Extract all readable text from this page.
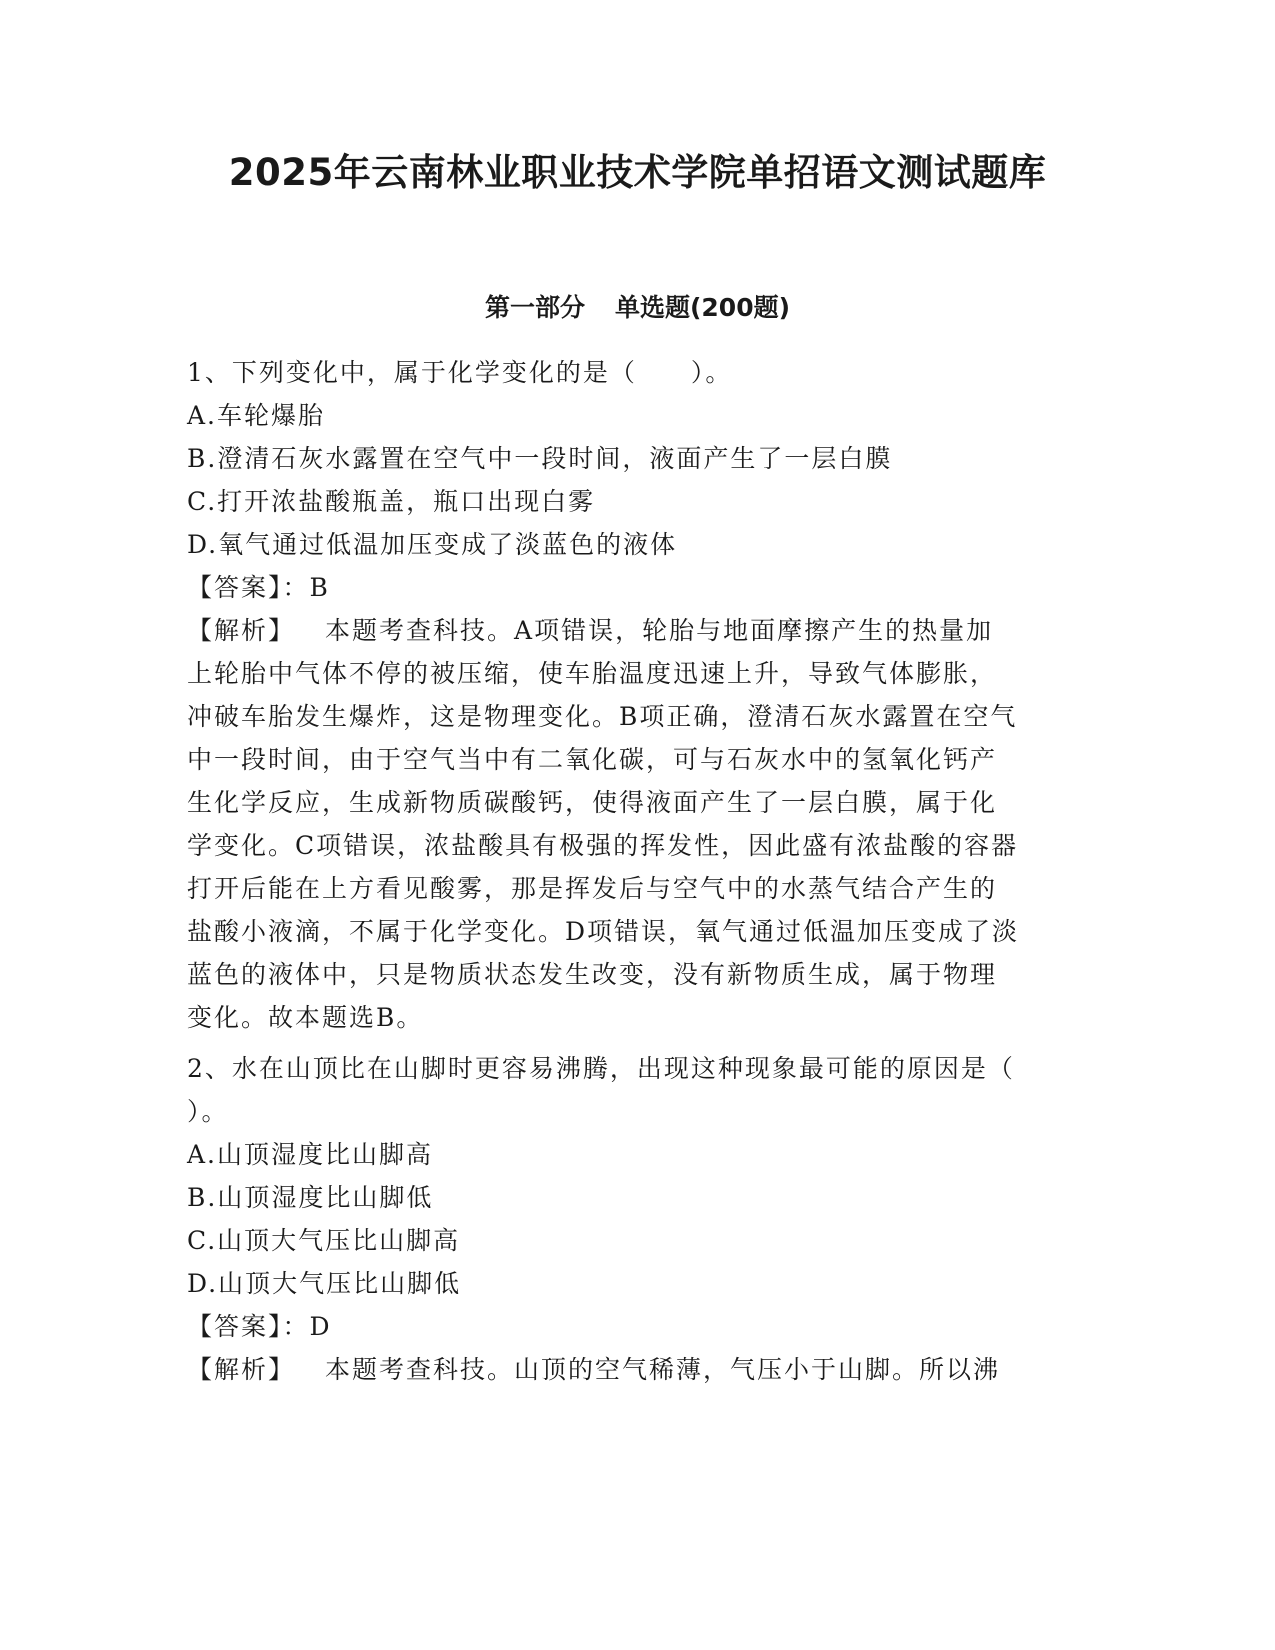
2025年云南林业职业技术学院单招语文测试题库
第一部分 单选题(200题)
1、下列变化中，属于化学变化的是（　　）。
A.车轮爆胎
B.澄清石灰水露置在空气中一段时间，液面产生了一层白膜
C.打开浓盐酸瓶盖，瓶口出现白雾
D.氧气通过低温加压变成了淡蓝色的液体
【答案】：B
【解析】 本题考查科技。A项错误，轮胎与地面摩擦产生的热量加
上轮胎中气体不停的被压缩，使车胎温度迅速上升，导致气体膨胀，
冲破车胎发生爆炸，这是物理变化。B项正确，澄清石灰水露置在空气
中一段时间，由于空气当中有二氧化碳，可与石灰水中的氢氧化钙产
生化学反应，生成新物质碳酸钙，使得液面产生了一层白膜，属于化
学变化。C项错误，浓盐酸具有极强的挥发性，因此盛有浓盐酸的容器
打开后能在上方看见酸雾，那是挥发后与空气中的水蒸气结合产生的
盐酸小液滴，不属于化学变化。D项错误，氧气通过低温加压变成了淡
蓝色的液体中，只是物质状态发生改变，没有新物质生成，属于物理
变化。故本题选B。
2、水在山顶比在山脚时更容易沸腾，出现这种现象最可能的原因是（
）。
A.山顶湿度比山脚高
B.山顶湿度比山脚低
C.山顶大气压比山脚高
D.山顶大气压比山脚低
【答案】：D
【解析】 本题考查科技。山顶的空气稀薄，气压小于山脚。所以沸
